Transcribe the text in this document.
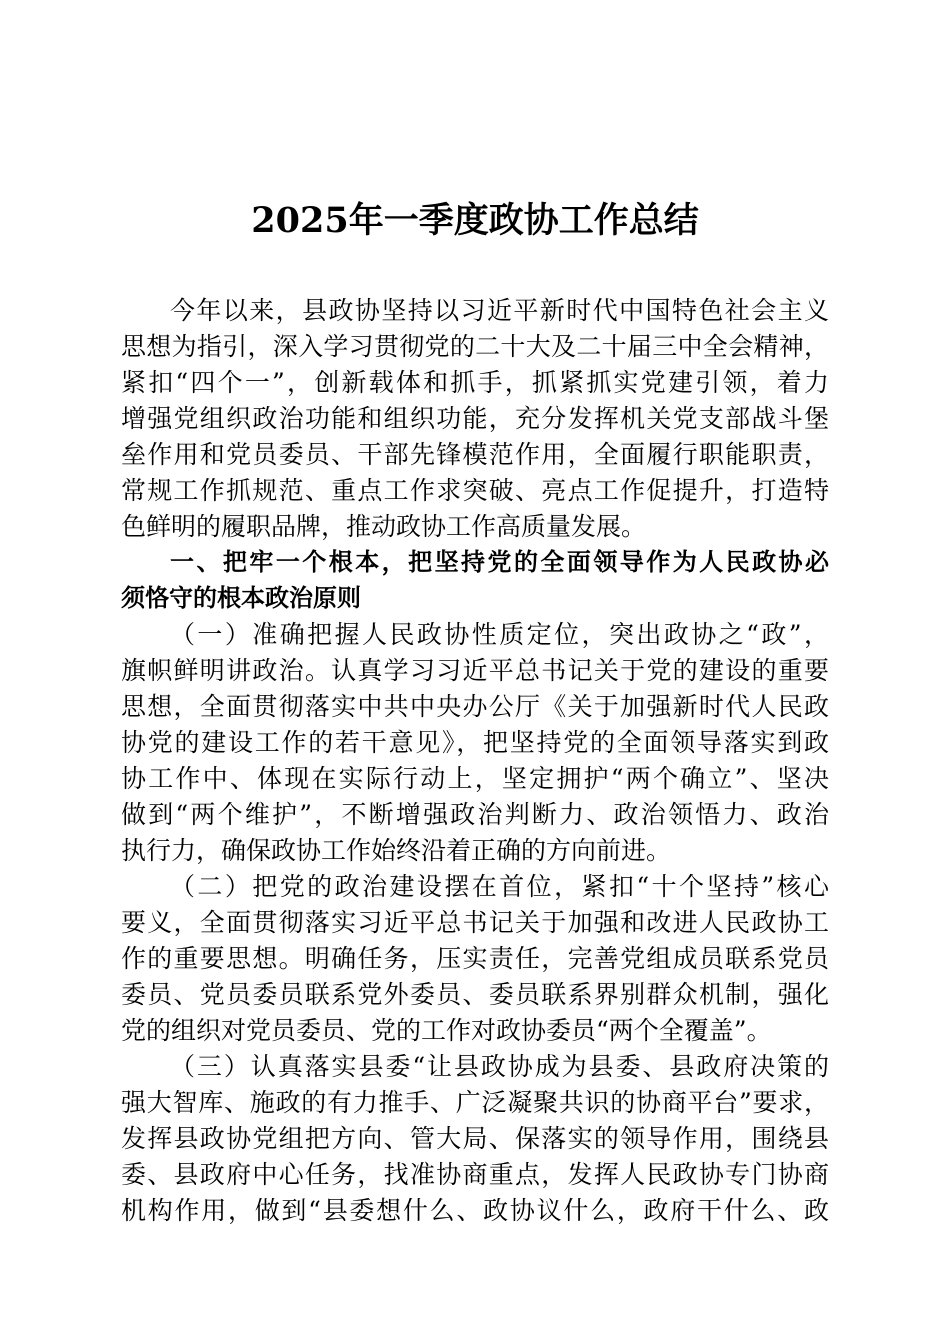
2025年一季度政协工作总结
今年以来，县政协坚持以习近平新时代中国特色社会主义
思想为指引，深入学习贯彻党的二十大及二十届三中全会精神，
紧扣“四个一”，创新载体和抓手，抓紧抓实党建引领，着力
增强党组织政治功能和组织功能，充分发挥机关党支部战斗堡
垒作用和党员委员、干部先锋模范作用，全面履行职能职责，
常规工作抓规范、重点工作求突破、亮点工作促提升，打造特
色鲜明的履职品牌，推动政协工作高质量发展。
一、把牢一个根本，把坚持党的全面领导作为人民政协必
须恪守的根本政治原则
（一）准确把握人民政协性质定位，突出政协之“政”，
旗帜鲜明讲政治。认真学习习近平总书记关于党的建设的重要
思想，全面贯彻落实中共中央办公厅《关于加强新时代人民政
协党的建设工作的若干意见》，把坚持党的全面领导落实到政
协工作中、体现在实际行动上，坚定拥护“两个确立”、坚决
做到“两个维护”，不断增强政治判断力、政治领悟力、政治
执行力，确保政协工作始终沿着正确的方向前进。
（二）把党的政治建设摆在首位，紧扣“十个坚持”核心
要义，全面贯彻落实习近平总书记关于加强和改进人民政协工
作的重要思想。明确任务，压实责任，完善党组成员联系党员
委员、党员委员联系党外委员、委员联系界别群众机制，强化
党的组织对党员委员、党的工作对政协委员“两个全覆盖”。
（三）认真落实县委“让县政协成为县委、县政府决策的
强大智库、施政的有力推手、广泛凝聚共识的协商平台”要求，
发挥县政协党组把方向、管大局、保落实的领导作用，围绕县
委、县政府中心任务，找准协商重点，发挥人民政协专门协商
机构作用，做到“县委想什么、政协议什么，政府干什么、政
